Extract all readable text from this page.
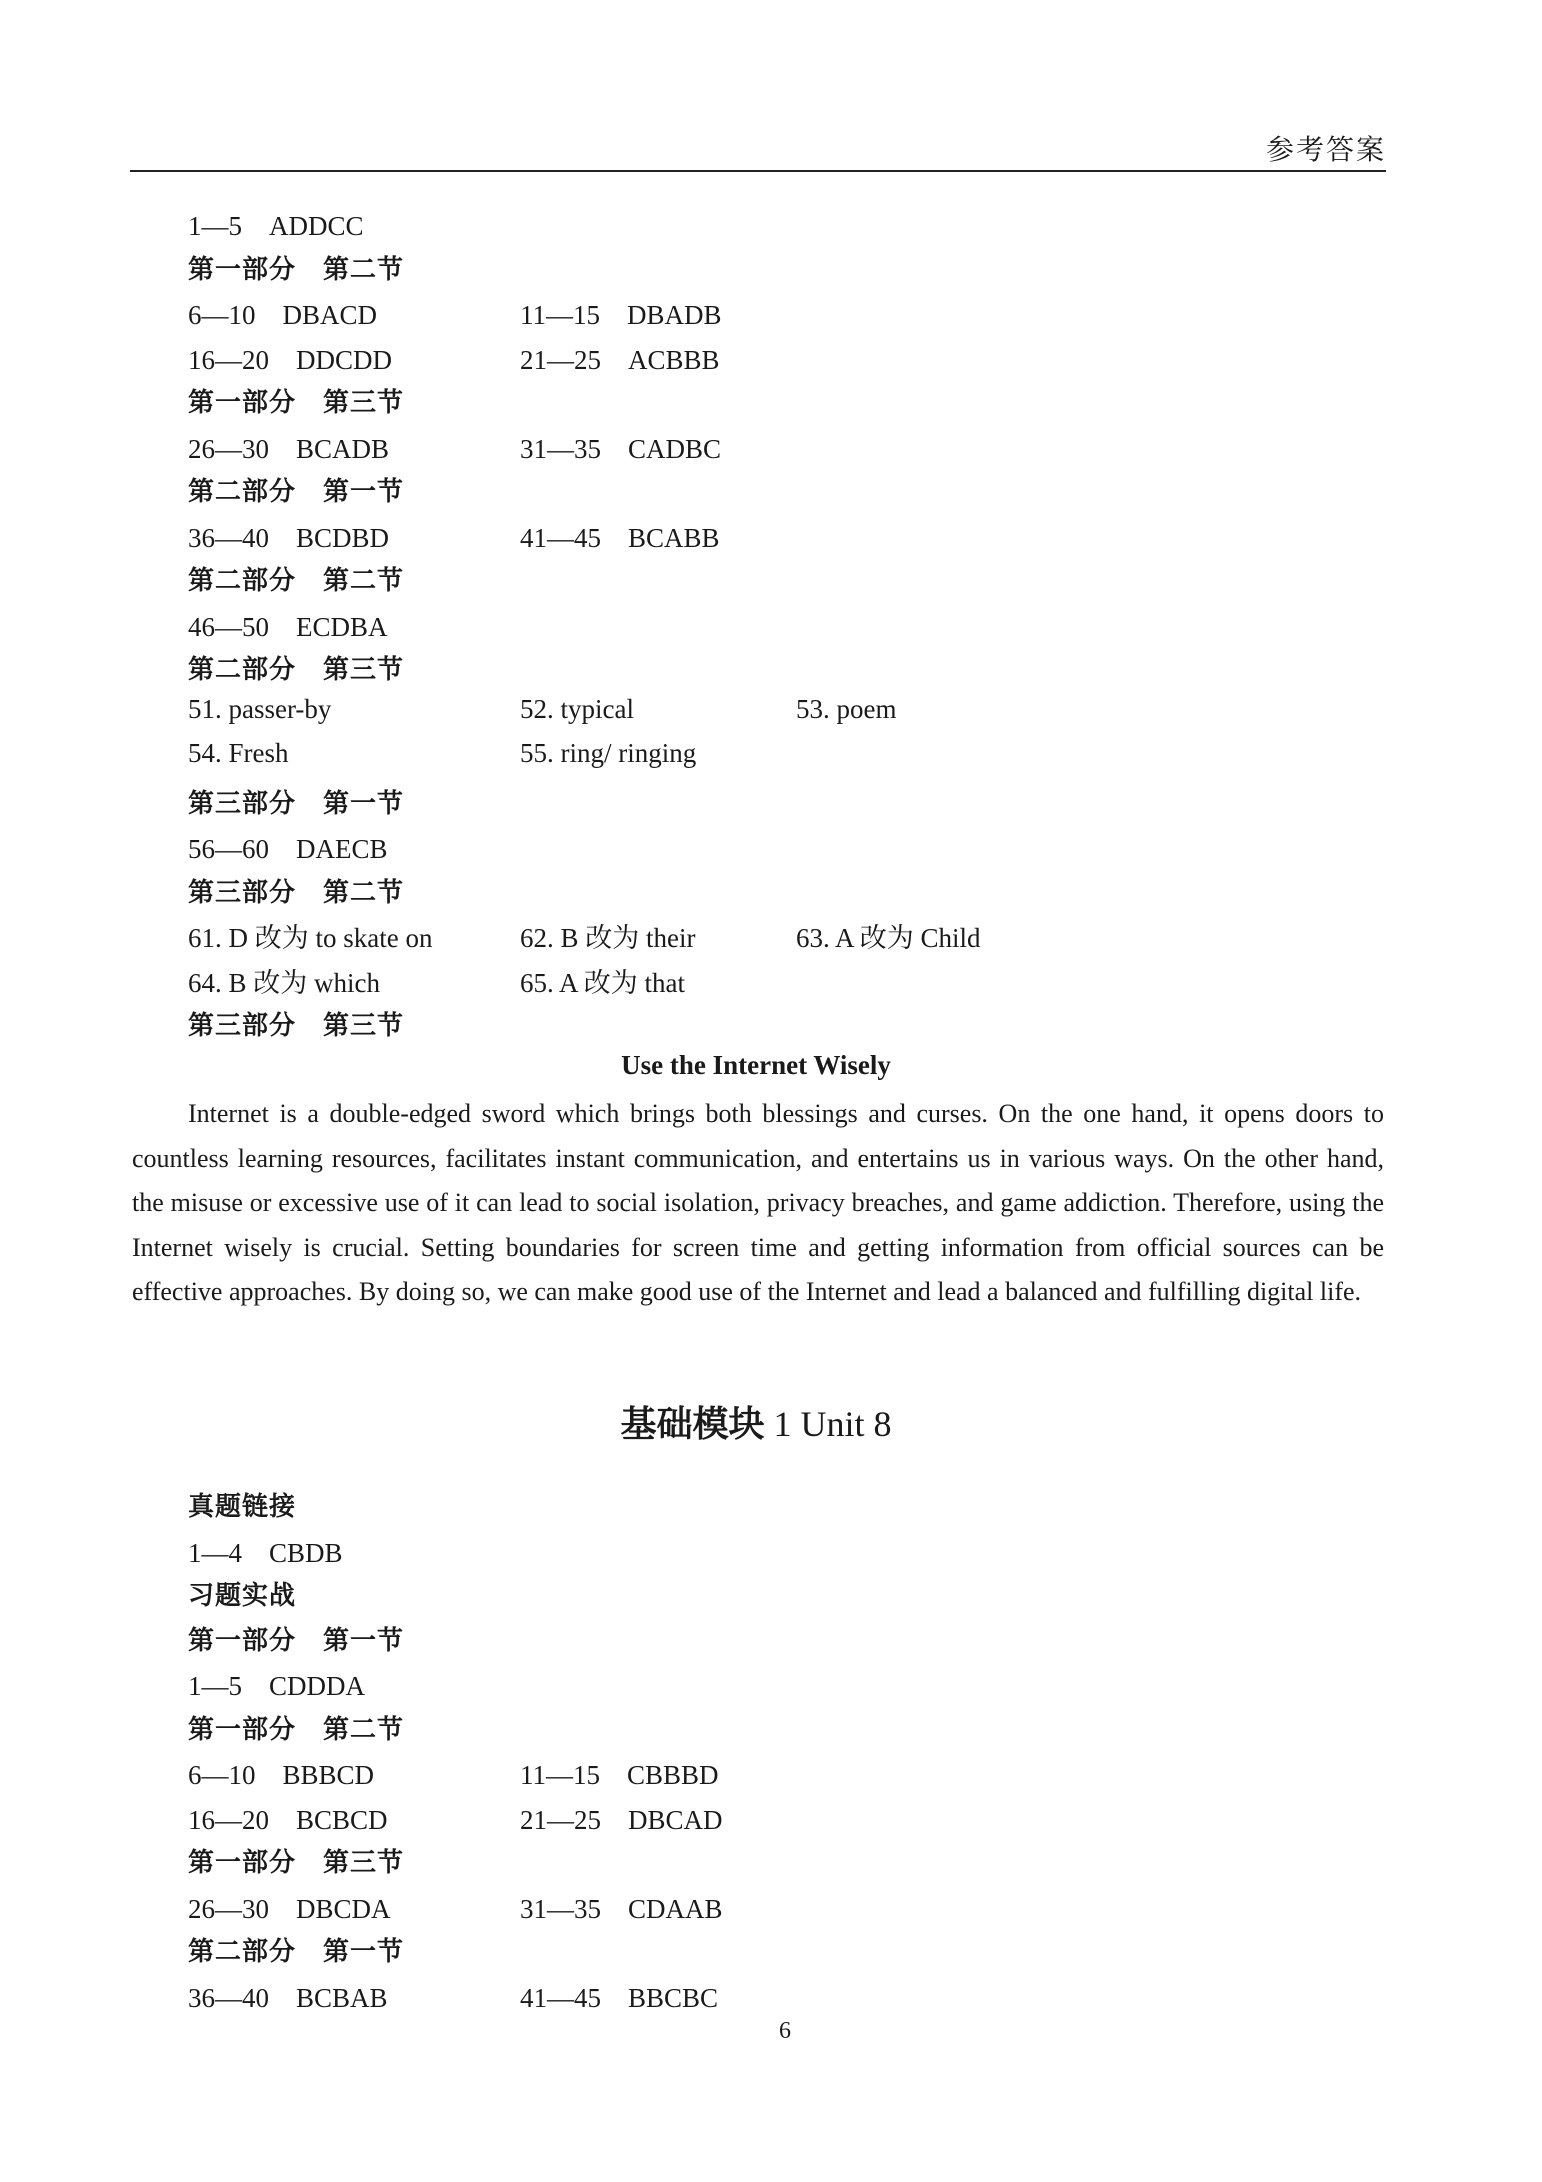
参考答案
1—5　ADDCC
第一部分　第二节
6—10　DBACD	11—15　DBADB
16—20　DDCDD	21—25　ACBBB
第一部分　第三节
26—30　BCADB	31—35　CADBC
第二部分　第一节
36—40　BCDBD	41—45　BCABB
第二部分　第二节
46—50　ECDBA
第二部分　第三节
51. passer-by	52. typical	53. poem
54. Fresh	55. ring/ ringing
第三部分　第一节
56—60　DAECB
第三部分　第二节
61. D 改为 to skate on	62. B 改为 their	63. A 改为 Child
64. B 改为 which	65. A 改为 that
第三部分　第三节
Use the Internet Wisely

Internet is a double-edged sword which brings both blessings and curses. On the one hand, it opens doors to countless learning resources, facilitates instant communication, and entertains us in various ways. On the other hand, the misuse or excessive use of it can lead to social isolation, privacy breaches, and game addiction. Therefore, using the Internet wisely is crucial. Setting boundaries for screen time and getting information from official sources can be effective approaches. By doing so, we can make good use of the Internet and lead a balanced and fulfilling digital life.

基础模块 1 Unit 8
真题链接
1—4　CBDB
习题实战
第一部分　第一节
1—5　CDDDA
第一部分　第二节
6—10　BBBCD	11—15　CBBBD
16—20　BCBCD	21—25　DBCAD
第一部分　第三节
26—30　DBCDA	31—35　CDAAB
第二部分　第一节
36—40　BCBAB	41—45　BBCBC
6
